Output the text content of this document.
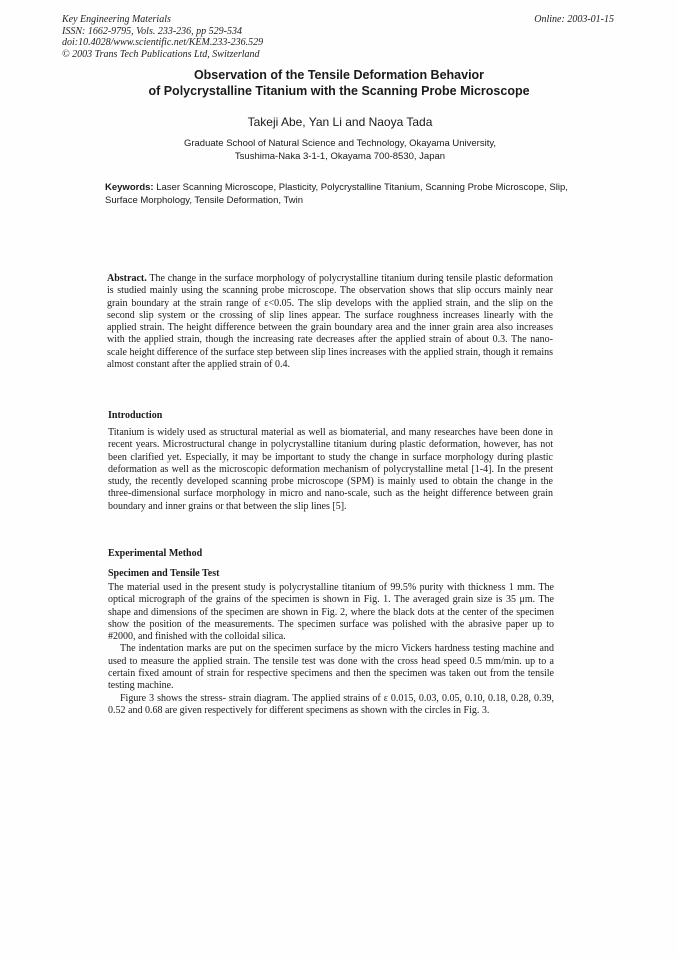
Key Engineering Materials
ISSN: 1662-9795, Vols. 233-236, pp 529-534
doi:10.4028/www.scientific.net/KEM.233-236.529
© 2003 Trans Tech Publications Ltd, Switzerland
Online: 2003-01-15
Observation of the Tensile Deformation Behavior
of Polycrystalline Titanium with the Scanning Probe Microscope
Takeji Abe, Yan Li and Naoya Tada
Graduate School of Natural Science and Technology, Okayama University,
Tsushima-Naka 3-1-1, Okayama 700-8530, Japan
Keywords: Laser Scanning Microscope, Plasticity, Polycrystalline Titanium, Scanning Probe Microscope, Slip, Surface Morphology, Tensile Deformation, Twin
Abstract. The change in the surface morphology of polycrystalline titanium during tensile plastic deformation is studied mainly using the scanning probe microscope. The observation shows that slip occurs mainly near grain boundary at the strain range of ε<0.05. The slip develops with the applied strain, and the slip on the second slip system or the crossing of slip lines appear. The surface roughness increases linearly with the applied strain. The height difference between the grain boundary area and the inner grain area also increases with the applied strain, though the increasing rate decreases after the applied strain of about 0.3. The nano-scale height difference of the surface step between slip lines increases with the applied strain, though it remains almost constant after the applied strain of 0.4.
Introduction
Titanium is widely used as structural material as well as biomaterial, and many researches have been done in recent years. Microstructural change in polycrystalline titanium during plastic deformation, however, has not been clarified yet. Especially, it may be important to study the change in surface morphology during plastic deformation as well as the microscopic deformation mechanism of polycrystalline metal [1-4]. In the present study, the recently developed scanning probe microscope (SPM) is mainly used to obtain the change in the three-dimensional surface morphology in micro and nano-scale, such as the height difference between grain boundary and inner grains or that between the slip lines [5].
Experimental Method
Specimen and Tensile Test

The material used in the present study is polycrystalline titanium of 99.5% purity with thickness 1 mm. The optical micrograph of the grains of the specimen is shown in Fig. 1. The averaged grain size is 35 μm. The shape and dimensions of the specimen are shown in Fig. 2, where the black dots at the center of the specimen show the position of the measurements. The specimen surface was polished with the abrasive paper up to #2000, and finished with the colloidal silica.

The indentation marks are put on the specimen surface by the micro Vickers hardness testing machine and used to measure the applied strain. The tensile test was done with the cross head speed 0.5 mm/min. up to a certain fixed amount of strain for respective specimens and then the specimen was taken out from the tensile testing machine.

Figure 3 shows the stress- strain diagram. The applied strains of ε 0.015, 0.03, 0.05, 0.10, 0.18, 0.28, 0.39, 0.52 and 0.68 are given respectively for different specimens as shown with the circles in Fig. 3.
